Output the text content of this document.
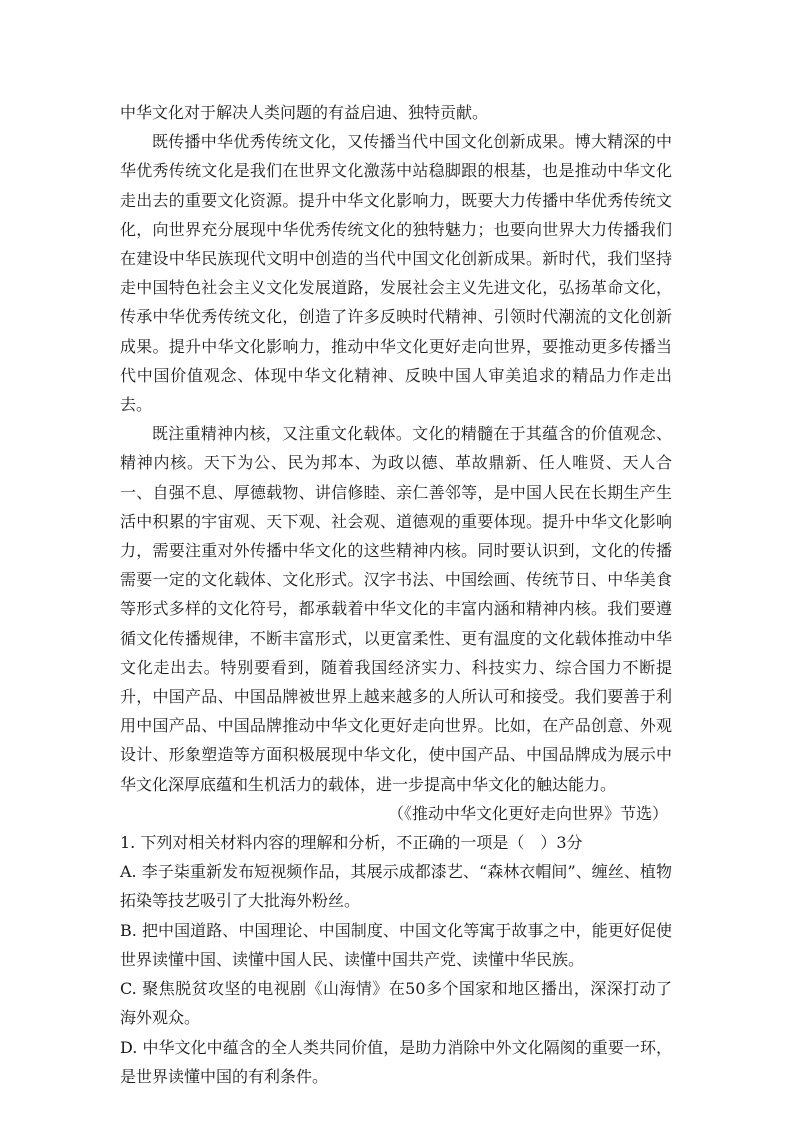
中华文化对于解决人类问题的有益启迪、独特贡献。

既传播中华优秀传统文化，又传播当代中国文化创新成果。博大精深的中华优秀传统文化是我们在世界文化激荡中站稳脚跟的根基，也是推动中华文化走出去的重要文化资源。提升中华文化影响力，既要大力传播中华优秀传统文化，向世界充分展现中华优秀传统文化的独特魅力；也要向世界大力传播我们在建设中华民族现代文明中创造的当代中国文化创新成果。新时代，我们坚持走中国特色社会主义文化发展道路，发展社会主义先进文化，弘扬革命文化，传承中华优秀传统文化，创造了许多反映时代精神、引领时代潮流的文化创新成果。提升中华文化影响力，推动中华文化更好走向世界，要推动更多传播当代中国价值观念、体现中华文化精神、反映中国人审美追求的精品力作走出去。

既注重精神内核，又注重文化载体。文化的精髓在于其蕴含的价值观念、精神内核。天下为公、民为邦本、为政以德、革故鼎新、任人唯贤、天人合一、自强不息、厚德载物、讲信修睦、亲仁善邻等，是中国人民在长期生产生活中积累的宇宙观、天下观、社会观、道德观的重要体现。提升中华文化影响力，需要注重对外传播中华文化的这些精神内核。同时要认识到，文化的传播需要一定的文化载体、文化形式。汉字书法、中国绘画、传统节日、中华美食等形式多样的文化符号，都承载着中华文化的丰富内涵和精神内核。我们要遵循文化传播规律，不断丰富形式，以更富柔性、更有温度的文化载体推动中华文化走出去。特别要看到，随着我国经济实力、科技实力、综合国力不断提升，中国产品、中国品牌被世界上越来越多的人所认可和接受。我们要善于利用中国产品、中国品牌推动中华文化更好走向世界。比如，在产品创意、外观设计、形象塑造等方面积极展现中华文化，使中国产品、中国品牌成为展示中华文化深厚底蕴和生机活力的载体，进一步提高中华文化的触达能力。

（《推动中华文化更好走向世界》节选）

1. 下列对相关材料内容的理解和分析，不正确的一项是（　）3分

A. 李子柒重新发布短视频作品，其展示成都漆艺、“森林衣帽间”、缠丝、植物拓染等技艺吸引了大批海外粉丝。

B. 把中国道路、中国理论、中国制度、中国文化等寓于故事之中，能更好促使世界读懂中国、读懂中国人民、读懂中国共产党、读懂中华民族。

C. 聚焦脱贫攻坚的电视剧《山海情》在50多个国家和地区播出，深深打动了海外观众。

D. 中华文化中蕴含的全人类共同价值，是助力消除中外文化隔阂的重要一环，是世界读懂中国的有利条件。
